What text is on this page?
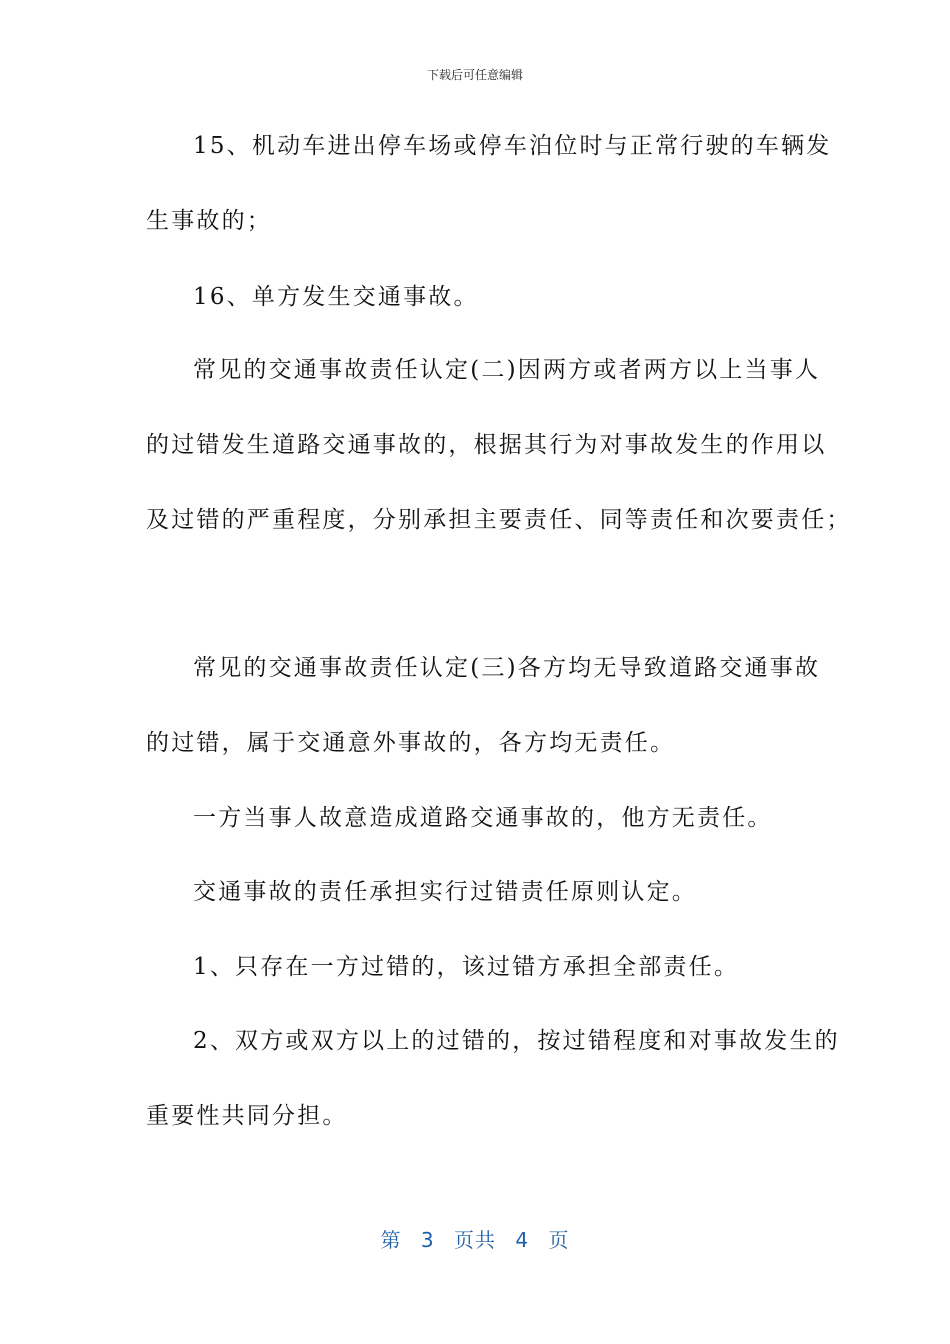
下载后可任意编辑
15、机动车进出停车场或停车泊位时与正常行驶的车辆发
生事故的；
16、单方发生交通事故。
常见的交通事故责任认定(二)因两方或者两方以上当事人
的过错发生道路交通事故的，根据其行为对事故发生的作用以
及过错的严重程度，分别承担主要责任、同等责任和次要责任；
常见的交通事故责任认定(三)各方均无导致道路交通事故
的过错，属于交通意外事故的，各方均无责任。
一方当事人故意造成道路交通事故的，他方无责任。
交通事故的责任承担实行过错责任原则认定。
1、只存在一方过错的，该过错方承担全部责任。
2、双方或双方以上的过错的，按过错程度和对事故发生的
重要性共同分担。
第 3 页共 4 页
